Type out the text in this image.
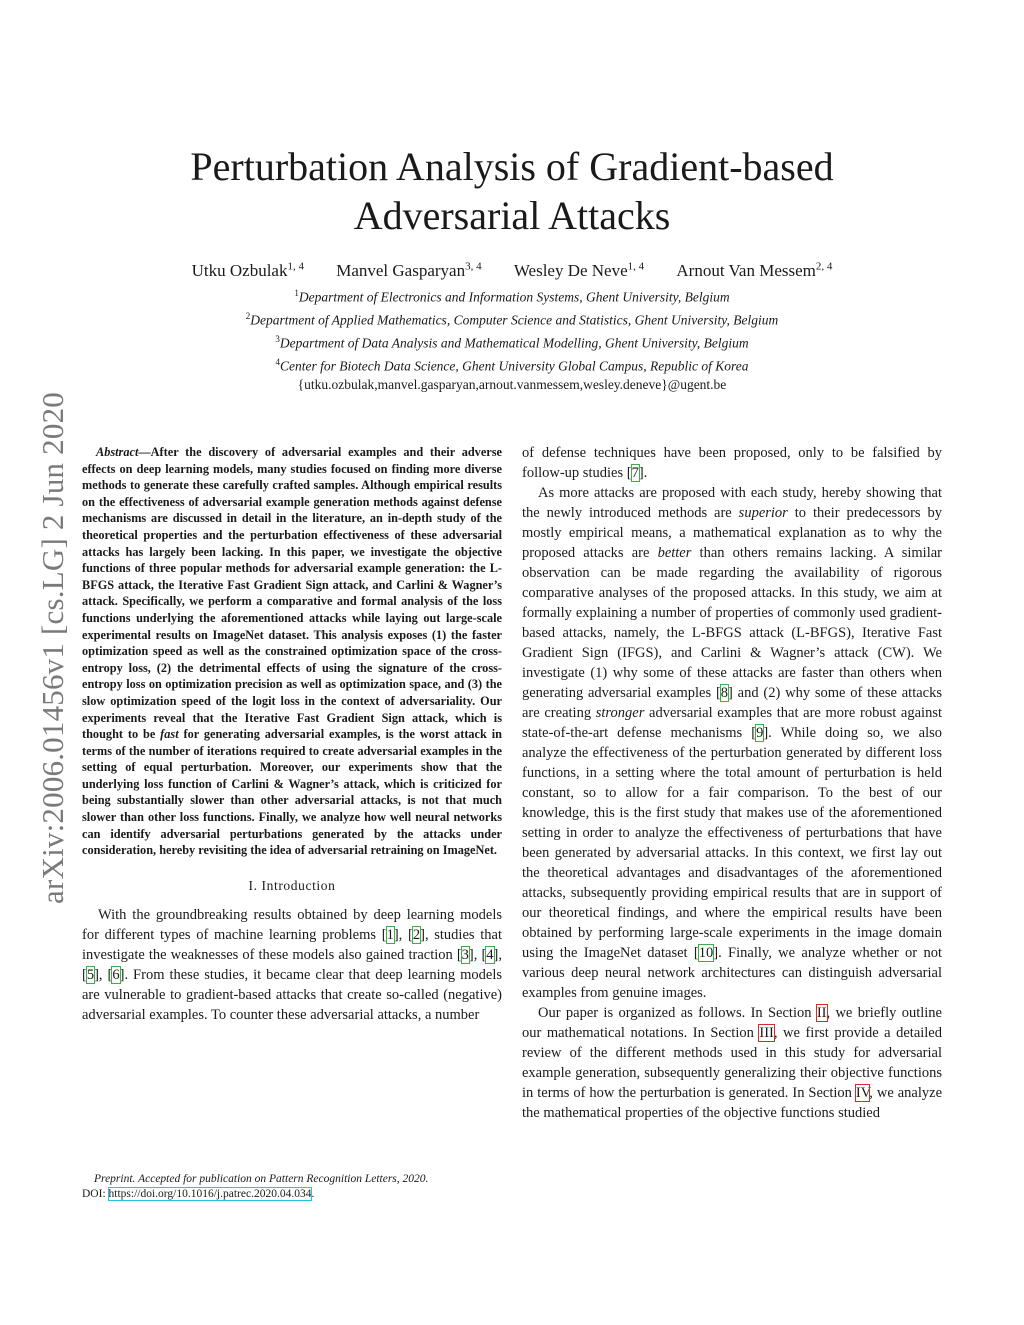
arXiv:2006.01456v1 [cs.LG] 2 Jun 2020
Perturbation Analysis of Gradient-based Adversarial Attacks
Utku Ozbulak$^{1, 4}$ Manvel Gasparyan$^{3, 4}$ Wesley De Neve$^{1, 4}$ Arnout Van Messem$^{2, 4}$
$^1$Department of Electronics and Information Systems, Ghent University, Belgium
$^2$Department of Applied Mathematics, Computer Science and Statistics, Ghent University, Belgium
$^3$Department of Data Analysis and Mathematical Modelling, Ghent University, Belgium
$^4$Center for Biotech Data Science, Ghent University Global Campus, Republic of Korea
{utku.ozbulak,manvel.gasparyan,arnout.vanmessem,wesley.deneve}@ugent.be

Abstract—After the discovery of adversarial examples and their adverse effects on deep learning models, many studies focused on finding more diverse methods to generate these carefully crafted samples. Although empirical results on the effectiveness of adversarial example generation methods against defense mechanisms are discussed in detail in the literature, an in-depth study of the theoretical properties and the perturbation effectiveness of these adversarial attacks has largely been lacking. In this paper, we investigate the objective functions of three popular methods for adversarial example generation: the L-BFGS attack, the Iterative Fast Gradient Sign attack, and Carlini & Wagner’s attack. Specifically, we perform a comparative and formal analysis of the loss functions underlying the aforementioned attacks while laying out large-scale experimental results on ImageNet dataset. This analysis exposes (1) the faster optimization speed as well as the constrained optimization space of the cross-entropy loss, (2) the detrimental effects of using the signature of the cross-entropy loss on optimization precision as well as optimization space, and (3) the slow optimization speed of the logit loss in the context of adversariality. Our experiments reveal that the Iterative Fast Gradient Sign attack, which is thought to be fast for generating adversarial examples, is the worst attack in terms of the number of iterations required to create adversarial examples in the setting of equal perturbation. Moreover, our experiments show that the underlying loss function of Carlini & Wagner’s attack, which is criticized for being substantially slower than other adversarial attacks, is not that much slower than other loss functions. Finally, we analyze how well neural networks can identify adversarial perturbations generated by the attacks under consideration, hereby revisiting the idea of adversarial retraining on ImageNet.

I. Introduction

With the groundbreaking results obtained by deep learning models for different types of machine learning problems [1], [2], studies that investigate the weaknesses of these models also gained traction [3], [4], [5], [6]. From these studies, it became clear that deep learning models are vulnerable to gradient-based attacks that create so-called (negative) adversarial examples. To counter these adversarial attacks, a number

Preprint. Accepted for publication on Pattern Recognition Letters, 2020.
DOI: https://doi.org/10.1016/j.patrec.2020.04.034.

of defense techniques have been proposed, only to be falsified by follow-up studies [7].

As more attacks are proposed with each study, hereby showing that the newly introduced methods are superior to their predecessors by mostly empirical means, a mathematical explanation as to why the proposed attacks are better than others remains lacking. A similar observation can be made regarding the availability of rigorous comparative analyses of the proposed attacks. In this study, we aim at formally explaining a number of properties of commonly used gradient-based attacks, namely, the L-BFGS attack (L-BFGS), Iterative Fast Gradient Sign (IFGS), and Carlini & Wagner’s attack (CW). We investigate (1) why some of these attacks are faster than others when generating adversarial examples [8] and (2) why some of these attacks are creating stronger adversarial examples that are more robust against state-of-the-art defense mechanisms [9]. While doing so, we also analyze the effectiveness of the perturbation generated by different loss functions, in a setting where the total amount of perturbation is held constant, so to allow for a fair comparison. To the best of our knowledge, this is the first study that makes use of the aforementioned setting in order to analyze the effectiveness of perturbations that have been generated by adversarial attacks. In this context, we first lay out the theoretical advantages and disadvantages of the aforementioned attacks, subsequently providing empirical results that are in support of our theoretical findings, and where the empirical results have been obtained by performing large-scale experiments in the image domain using the ImageNet dataset [10]. Finally, we analyze whether or not various deep neural network architectures can distinguish adversarial examples from genuine images.

Our paper is organized as follows. In Section II, we briefly outline our mathematical notations. In Section III, we first provide a detailed review of the different methods used in this study for adversarial example generation, subsequently generalizing their objective functions in terms of how the perturbation is generated. In Section IV, we analyze the mathematical properties of the objective functions studied
